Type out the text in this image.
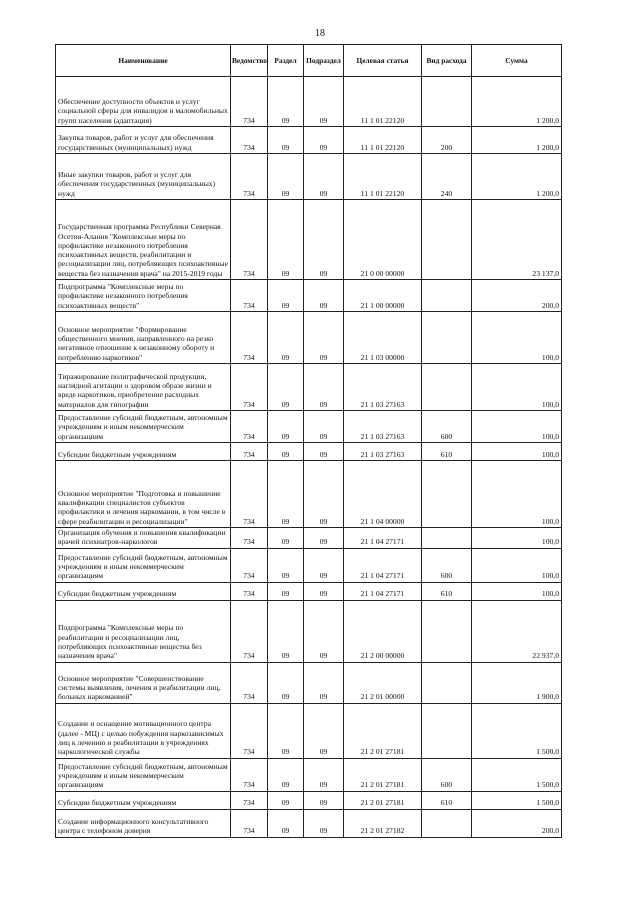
18
Наименование	Ведомство	Раздел	Подраздел	Целевая статья	Вид расхода	Сумма
Обеспечение доступности объектов и услуг социальной сферы для инвалидов и маломобильных групп населения (адаптация)	734	09	09	11 1 01 22120		1 200,0
Закупка товаров, работ и услуг для обеспечения государственных (муниципальных) нужд	734	09	09	11 1 01 22120	200	1 200,0
Иные закупки товаров, работ и услуг для обеспечения государственных (муниципальных) нужд	734	09	09	11 1 01 22120	240	1 200,0
Государственная программа Республики Северная Осетия-Алания "Комплексные меры по профилактике незаконного потребления психоактивных веществ, реабилитации и ресоциализации лиц, потребляющих психоактивные вещества без назначения врача" на 2015-2019 годы	734	09	09	21 0 00 00000		23 137,0
Подпрограмма "Комплексные меры по профилактике незаконного потребления психоактивных веществ"	734	09	09	21 1 00 00000		200,0
Основное мероприятие "Формирование общественного мнения, направленного на резко негативное отношение к незаконному обороту и потреблению наркотиков"	734	09	09	21 1 03 00000		100,0
Тиражирование полиграфической продукции, наглядной агитации о здоровом образе жизни и вреде наркотиков, приобретение расходных материалов для типографии	734	09	09	21 1 03 27163		100,0
Предоставление субсидий бюджетным, автономным учреждениям и иным некоммерческим организациям	734	09	09	21 1 03 27163	600	100,0
Субсидии бюджетным учреждениям	734	09	09	21 1 03 27163	610	100,0
Основное мероприятие "Подготовка и повышение квалификации специалистов субъектов профилактики и лечения наркомании, в том числе в сфере реабилитации и ресоциализации"	734	09	09	21 1 04 00000		100,0
Организация обучения и повышения квалификации врачей психиатров-наркологов	734	09	09	21 1 04 27171		100,0
Предоставление субсидий бюджетным, автономным учреждениям и иным некоммерческим организациям	734	09	09	21 1 04 27171	600	100,0
Субсидии бюджетным учреждениям	734	09	09	21 1 04 27171	610	100,0
Подпрограмма "Комплексные меры по реабилитации и ресоциализации лиц, потребляющих психоактивные вещества без назначения врача"	734	09	09	21 2 00 00000		22 937,0
Основное мероприятие "Совершенствование системы выявления, лечения и реабилитации лиц, больных наркоманией"	734	09	09	21 2 01 00000		1 900,0
Создание и оснащение мотивационного центра (далее - МЦ) с целью побуждения наркозависимых лиц к лечению и реабилитации в учреждениях наркологической службы	734	09	09	21 2 01 27181		1 500,0
Предоставление субсидий бюджетным, автономным учреждениям и иным некоммерческим организациям	734	09	09	21 2 01 27181	600	1 500,0
Субсидии бюджетным учреждениям	734	09	09	21 2 01 27181	610	1 500,0
Создание информационного консультативного центра с телефоном доверия	734	09	09	21 2 01 27182		200,0
